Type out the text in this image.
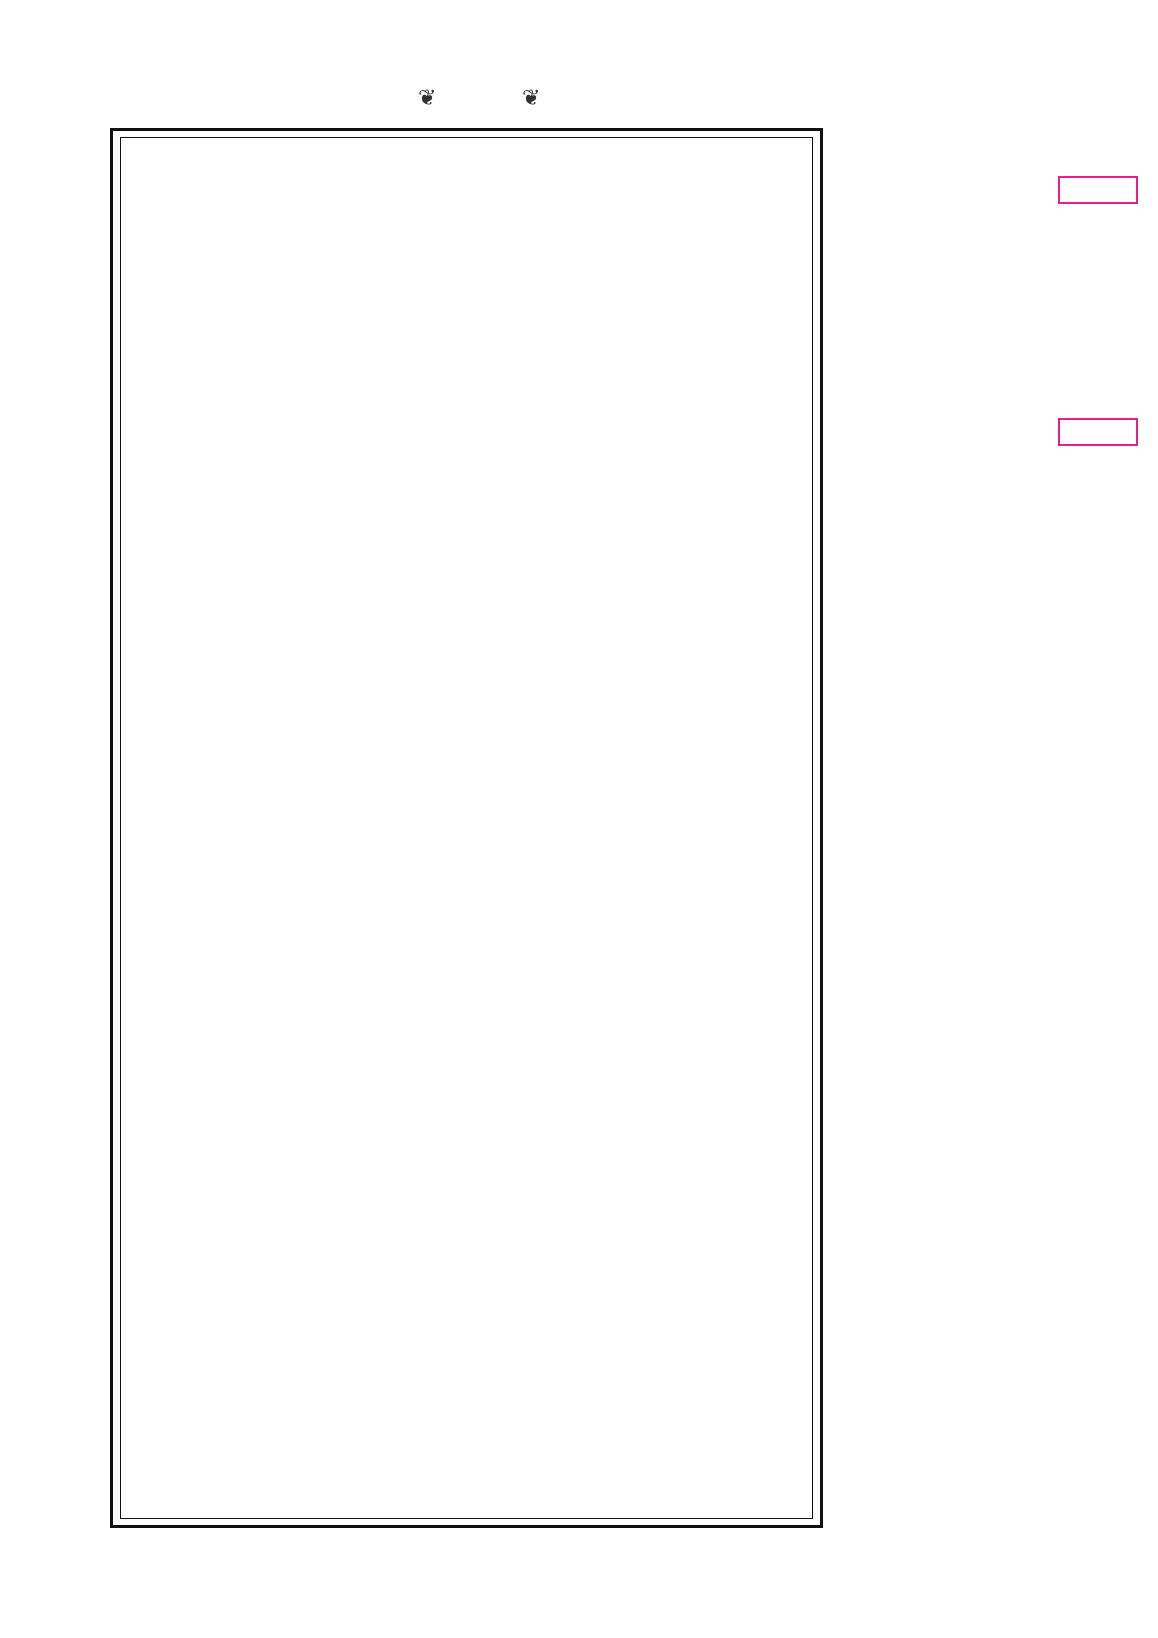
❦
❦
